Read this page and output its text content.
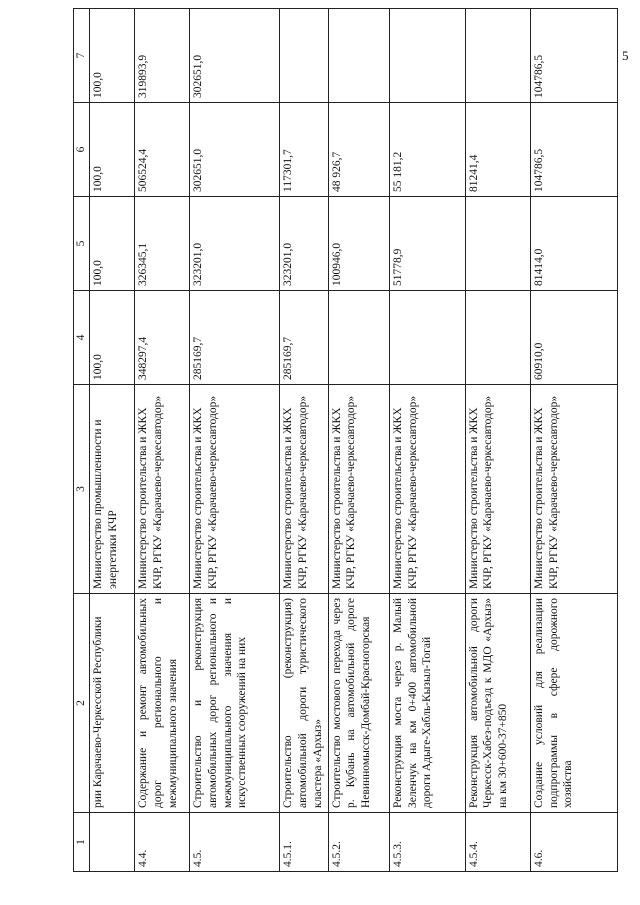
5
1	2	3	4	5	6	7
	рии Карачаево-Черкесской Республики	Министерство промышленности и энергетики КЧР	100,0	100,0	100,0	100,0
4.4.	Содержание и ремонт автомобильных дорог регионального и межмуниципального значения	Министерство строительства и ЖКХ КЧР, РГКУ «Карачаево-черкесавтодор»	348297,4	326345,1	506524,4	319893,9
4.5.	Строительство и реконструкция автомобильных дорог регионального и межмуниципального значения и искусственных сооружений на них	Министерство строительства и ЖКХ КЧР, РГКУ «Карачаево-черкесавтодор»	285169,7	323201,0	302651,0	302651,0
4.5.1.	Строительство (реконструкция) автомобильной дороги туристического кластера «Архыз»	Министерство строительства и ЖКХ КЧР, РГКУ «Карачаево-черкесавтодор»	285169,7	323201,0	117301,7	
4.5.2.	Строительство мостового перехода через р. Кубань на автомобильной дороге Невинномысск-Домбай-Красногорская	Министерство строительства и ЖКХ КЧР, РГКУ «Карачаево-черкесавтодор»		100946,0	48 926,7	
4.5.3.	Реконструкция моста через р. Малый Зеленчук на км 0+400 автомобильной дороги Адыге-Хабль-Кызыл-Тогай	Министерство строительства и ЖКХ КЧР, РГКУ «Карачаево-черкесавтодор»		51778,9	55 181,2	
4.5.4.	Реконструкция автомобильной дороги Черкесск-Хабез-подъезд к МДО «Архыз» на км 30+600-37+850	Министерство строительства и ЖКХ КЧР, РГКУ «Карачаево-черкесавтодор»			81241,4	
4.6.	Создание условий для реализации подпрограммы в сфере дорожного хозяйства	Министерство строительства и ЖКХ КЧР, РГКУ «Карачаево-черкесавтодор»	60910,0	81414,0	104786,5	104786,5
